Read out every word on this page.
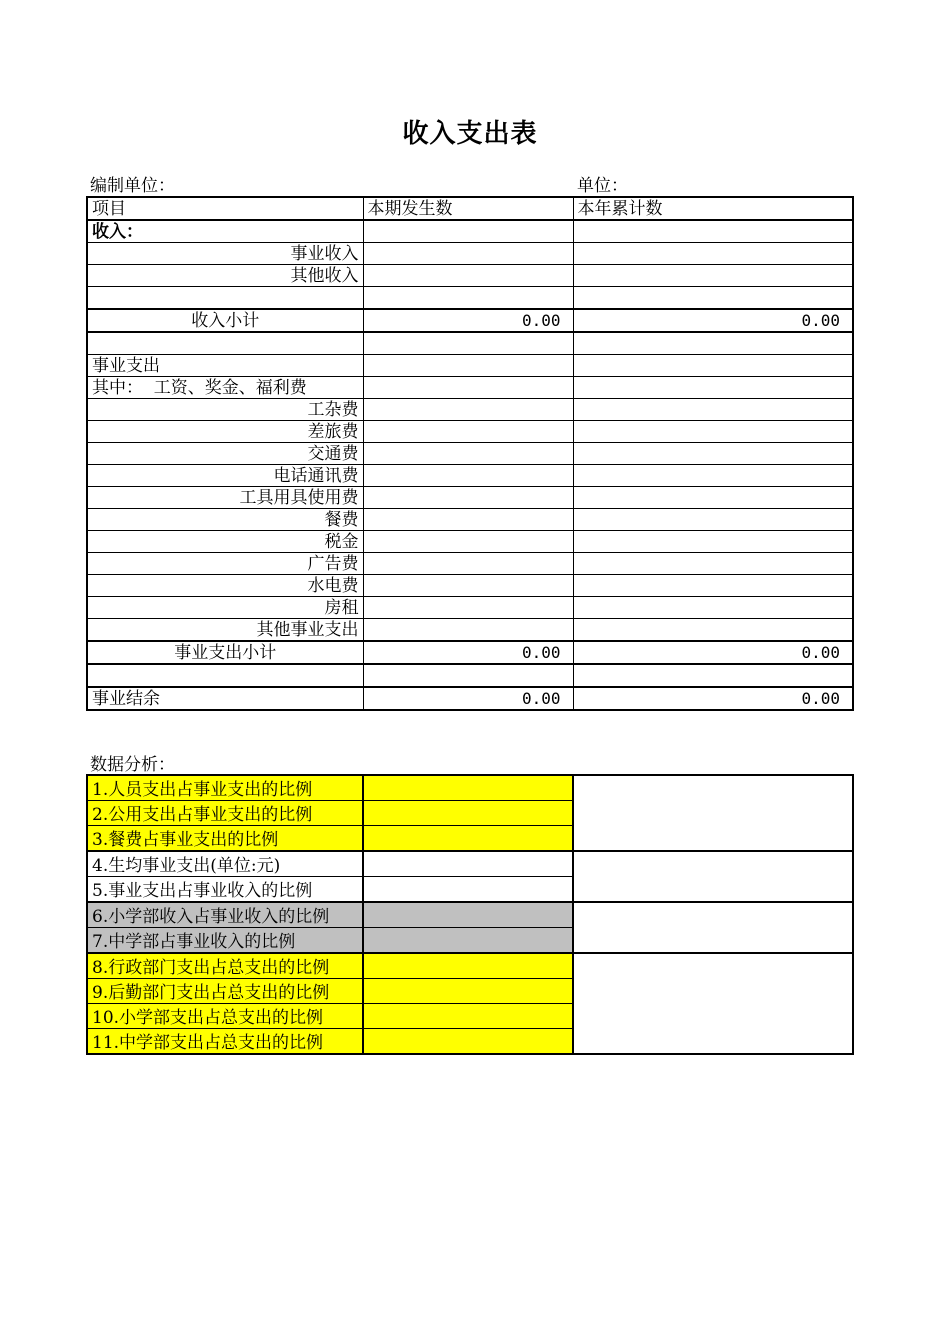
收入支出表
编制单位：	单位：
项目	本期发生数	本年累计数
收入：		
事业收入		
其他收入		

收入小计	0.00	0.00

事业支出		
其中：  工资、奖金、福利费		
工杂费		
差旅费		
交通费		
电话通讯费		
工具用具使用费		
餐费		
税金		
广告费		
水电费		
房租		
其他事业支出		
事业支出小计	0.00	0.00

事业结余	0.00	0.00
数据分析：
1.人员支出占事业支出的比例		
2.公用支出占事业支出的比例		
3.餐费占事业支出的比例		
4.生均事业支出(单位:元)		
5.事业支出占事业收入的比例		
6.小学部收入占事业收入的比例		
7.中学部占事业收入的比例		
8.行政部门支出占总支出的比例		
9.后勤部门支出占总支出的比例		
10.小学部支出占总支出的比例		
11.中学部支出占总支出的比例		
